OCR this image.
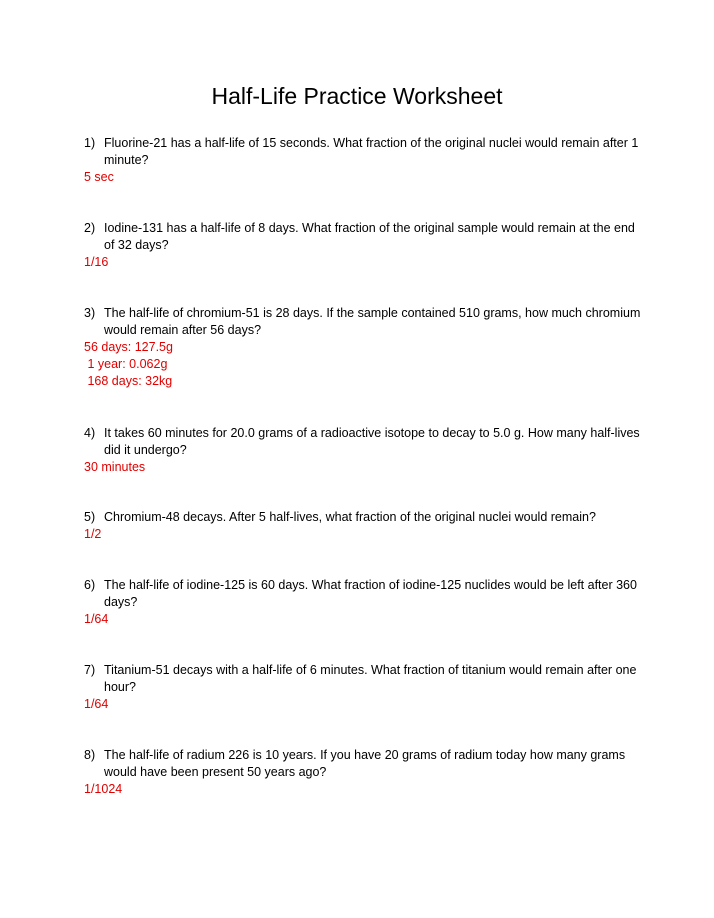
Half-Life Practice Worksheet
1) Fluorine-21 has a half-life of 15 seconds. What fraction of the original nuclei would remain after 1 minute?
5 sec
2) Iodine-131 has a half-life of 8 days. What fraction of the original sample would remain at the end of 32 days?
1/16
3) The half-life of chromium-51 is 28 days. If the sample contained 510 grams, how much chromium would remain after 56 days?
56 days: 127.5g
1 year: 0.062g
168 days: 32kg
4) It takes 60 minutes for 20.0 grams of a radioactive isotope to decay to 5.0 g. How many half-lives did it undergo?
30 minutes
5) Chromium-48 decays. After 5 half-lives, what fraction of the original nuclei would remain?
1/2
6) The half-life of iodine-125 is 60 days. What fraction of iodine-125 nuclides would be left after 360 days?
1/64
7) Titanium-51 decays with a half-life of 6 minutes. What fraction of titanium would remain after one hour?
1/64
8) The half-life of radium 226 is 10 years. If you have 20 grams of radium today how many grams would have been present 50 years ago?
1/1024
